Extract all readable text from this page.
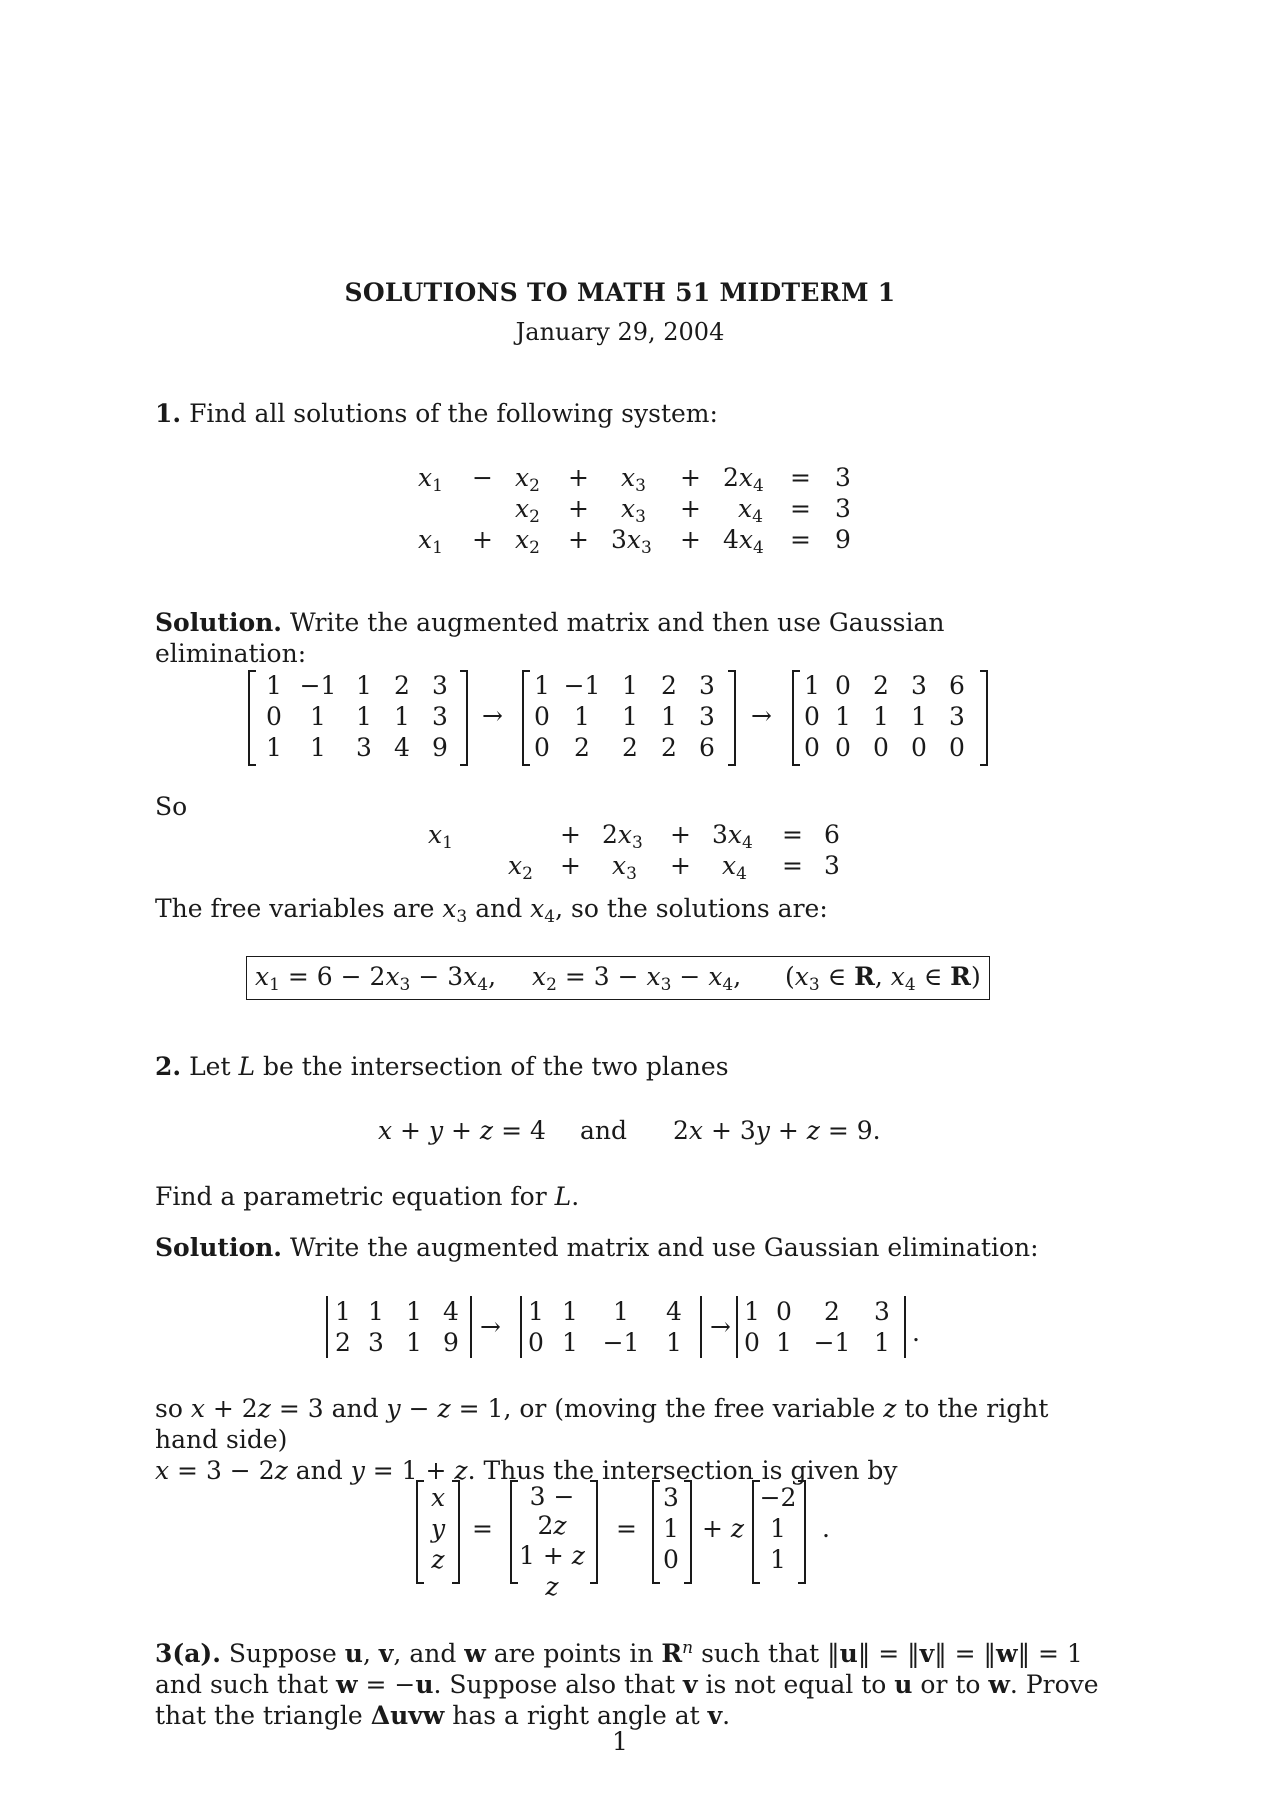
SOLUTIONS TO MATH 51 MIDTERM 1
January 29, 2004
1. Find all solutions of the following system:
$x_1 - x_2 + x_3 + 2x_4 = 3$
$x_2 + x_3 + x_4 = 3$
$x_1 + x_2 + 3x_3 + 4x_4 = 9$
Solution. Write the augmented matrix and then use Gaussian elimination:
1	−1	1	2	3
0	1	1	1	3
1	1	3	4	9
→
1	−1	1	2	3
0	1	1	1	3
0	2	2	2	6
→
1	0	2	3	6
0	1	1	1	3
0	0	0	0	0
So
$x_1$	+ $2x_3 + 3x_4 = 6$
$x_2 + x_3 + x_4 = 3$
The free variables are $x_3$ and $x_4$, so the solutions are:
$x_1 = 6 - 2x_3 - 3x_4$, $x_2 = 3 - x_3 - x_4$, ($x_3$ ∈ R, $x_4$ ∈ R)
2. Let L be the intersection of the two planes
x + y + z = 4 and 2x + 3y + z = 9.
Find a parametric equation for L.
Solution. Write the augmented matrix and use Gaussian elimination:
1	1	1	4
2	3	1	9
→
1	1	1	4
0	1	−1	1
→
1	0	2	3
0	1	−1	1 .
so x + 2z = 3 and y − z = 1, or (moving the free variable z to the right hand side)
x = 3 − 2z and y = 1 + z. Thus the intersection is given by
x
y
z
=
3 − 2z
1 + z
z
=
3
1
0
+ z
−2
1
1
.
3(a). Suppose u, v, and w are points in $R^n$ such that ‖u‖ = ‖v‖ = ‖w‖ = 1 and such that w = −u. Suppose also that v is not equal to u or to w. Prove that the triangle Δuvw has a right angle at v.
1
